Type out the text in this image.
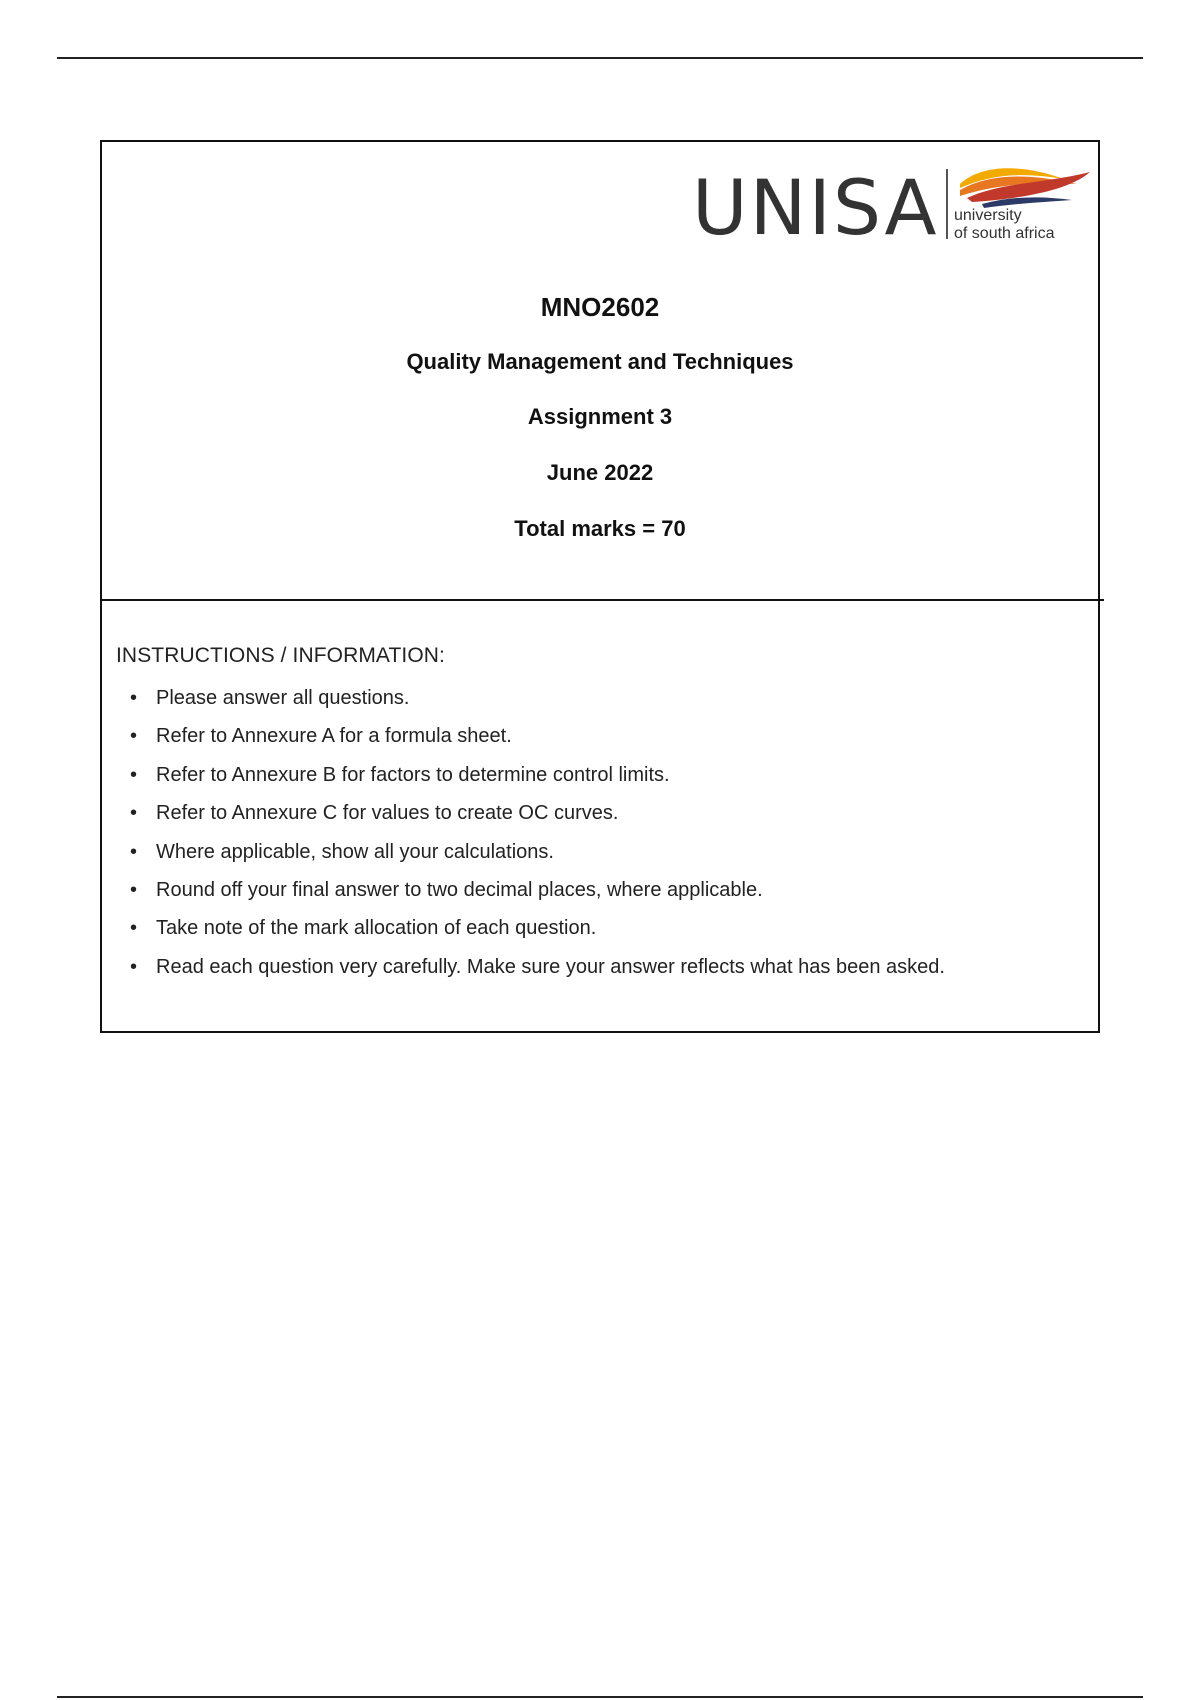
UNISA university
of south africa
MNO2602
Quality Management and Techniques
Assignment 3
June 2022
Total marks = 70
INSTRUCTIONS / INFORMATION:
• Please answer all questions.
• Refer to Annexure A for a formula sheet.
• Refer to Annexure B for factors to determine control limits.
• Refer to Annexure C for values to create OC curves.
• Where applicable, show all your calculations.
• Round off your final answer to two decimal places, where applicable.
• Take note of the mark allocation of each question.
• Read each question very carefully. Make sure your answer reflects what has been asked.
